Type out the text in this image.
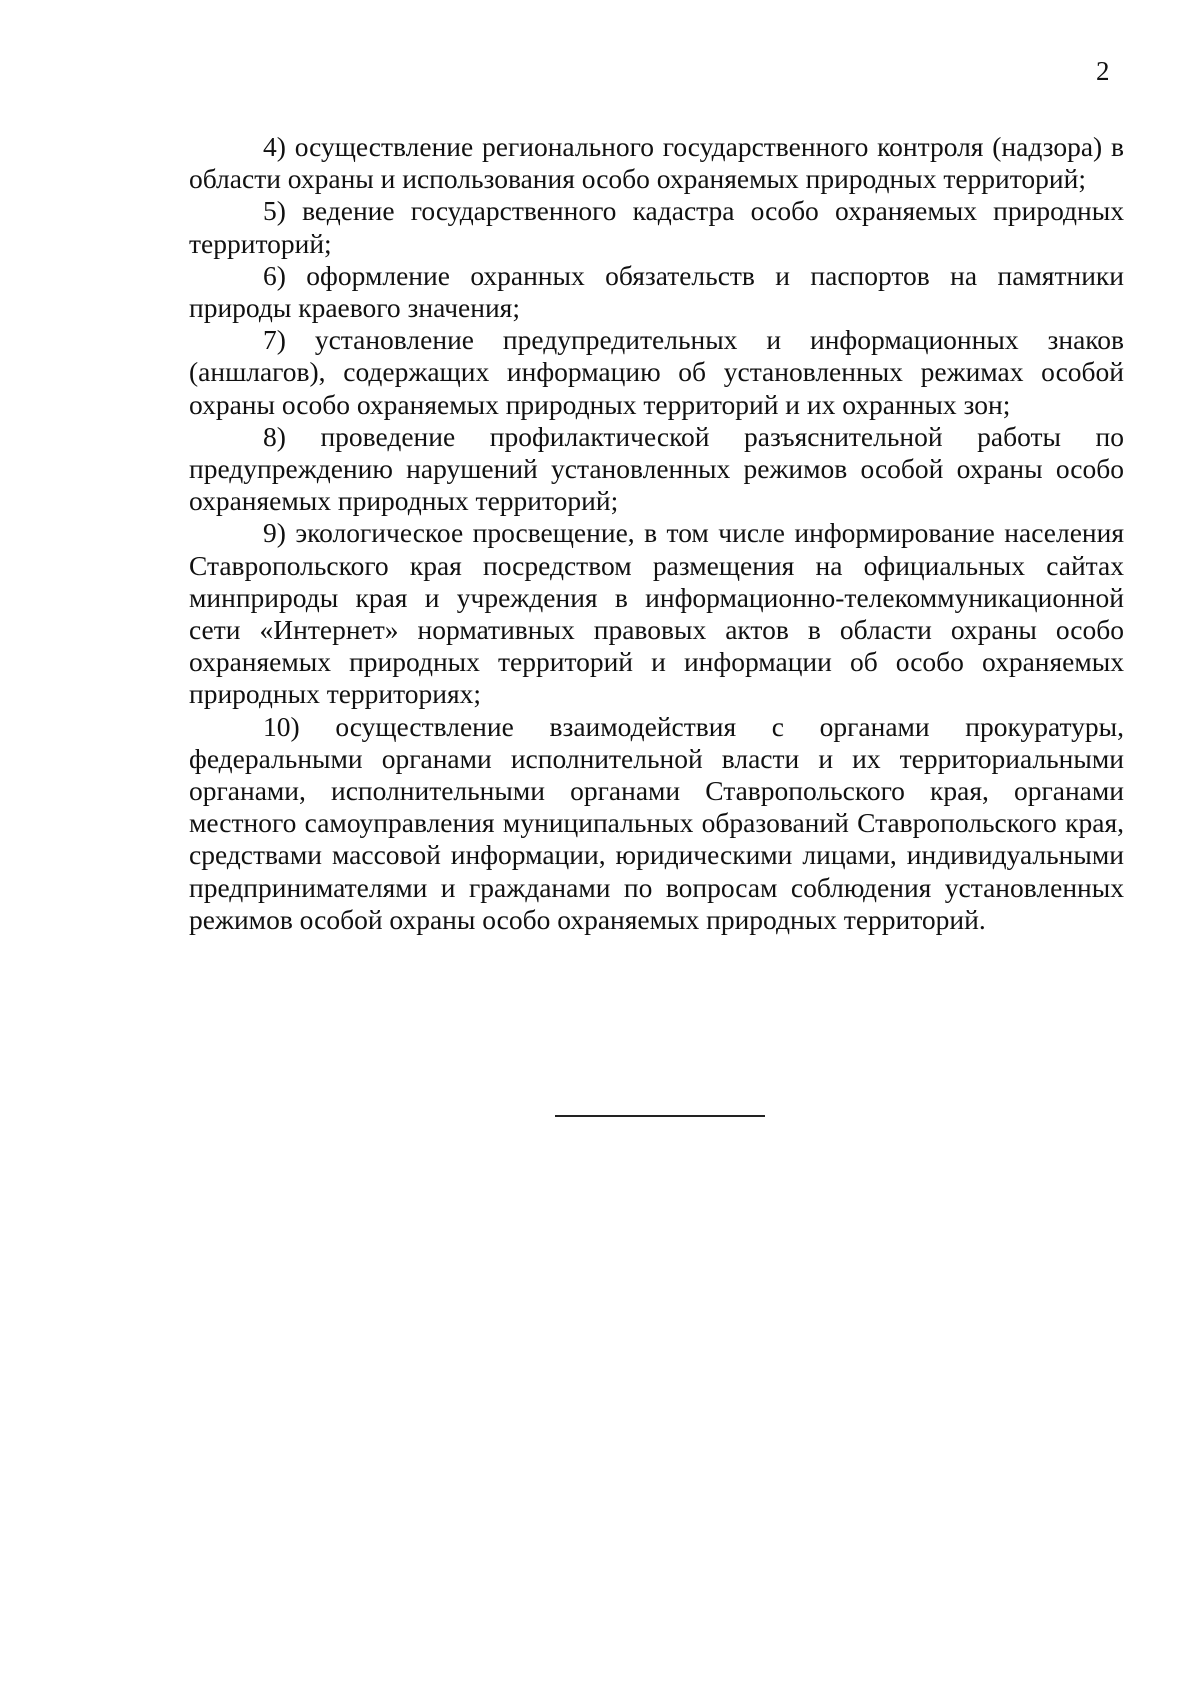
2

4) осуществление регионального государственного контроля (надзора) в области охраны и использования особо охраняемых природных территорий;

5) ведение государственного кадастра особо охраняемых природных территорий;

6) оформление охранных обязательств и паспортов на памятники природы краевого значения;

7) установление предупредительных и информационных знаков (аншлагов), содержащих информацию об установленных режимах особой охраны особо охраняемых природных территорий и их охранных зон;

8) проведение профилактической разъяснительной работы по предупреждению нарушений установленных режимов особой охраны особо охраняемых природных территорий;

9) экологическое просвещение, в том числе информирование населения Ставропольского края посредством размещения на официальных сайтах минприроды края и учреждения в информационно-телекоммуникационной сети «Интернет» нормативных правовых актов в области охраны особо охраняемых природных территорий и информации об особо охраняемых природных территориях;

10) осуществление взаимодействия с органами прокуратуры, федеральными органами исполнительной власти и их территориальными органами, исполнительными органами Ставропольского края, органами местного самоуправления муниципальных образований Ставропольского края, средствами массовой информации, юридическими лицами, индивидуальными предпринимателями и гражданами по вопросам соблюдения установленных режимов особой охраны особо охраняемых природных территорий.
